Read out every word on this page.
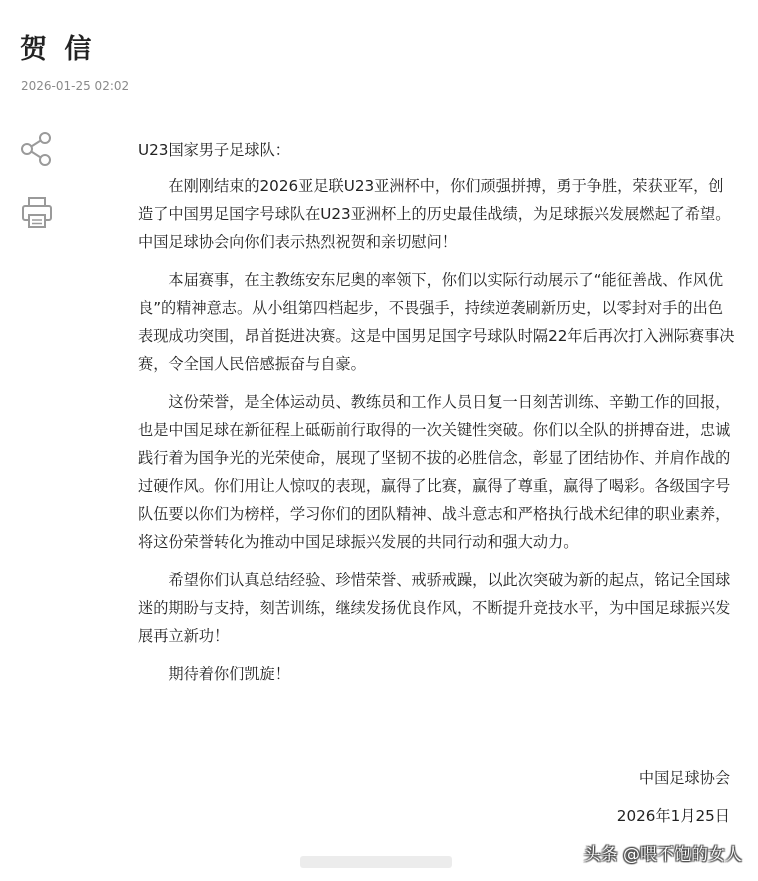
贺 信
2026-01-25 02:02

U23国家男子足球队：

在刚刚结束的2026亚足联U23亚洲杯中，你们顽强拼搏，勇于争胜，荣获亚军，创造了中国男足国字号球队在U23亚洲杯上的历史最佳战绩，为足球振兴发展燃起了希望。中国足球协会向你们表示热烈祝贺和亲切慰问！

本届赛事，在主教练安东尼奥的率领下，你们以实际行动展示了“能征善战、作风优良”的精神意志。从小组第四档起步，不畏强手，持续逆袭刷新历史，以零封对手的出色表现成功突围，昂首挺进决赛。这是中国男足国字号球队时隔22年后再次打入洲际赛事决赛，令全国人民倍感振奋与自豪。

这份荣誉，是全体运动员、教练员和工作人员日复一日刻苦训练、辛勤工作的回报，也是中国足球在新征程上砥砺前行取得的一次关键性突破。你们以全队的拼搏奋进，忠诚践行着为国争光的光荣使命，展现了坚韧不拔的必胜信念，彰显了团结协作、并肩作战的过硬作风。你们用让人惊叹的表现，赢得了比赛，赢得了尊重，赢得了喝彩。各级国字号队伍要以你们为榜样，学习你们的团队精神、战斗意志和严格执行战术纪律的职业素养，将这份荣誉转化为推动中国足球振兴发展的共同行动和强大动力。

希望你们认真总结经验、珍惜荣誉、戒骄戒躁，以此次突破为新的起点，铭记全国球迷的期盼与支持，刻苦训练，继续发扬优良作风，不断提升竞技水平，为中国足球振兴发展再立新功！

期待着你们凯旋！

中国足球协会
2026年1月25日
头条 @喂不饱的女人
